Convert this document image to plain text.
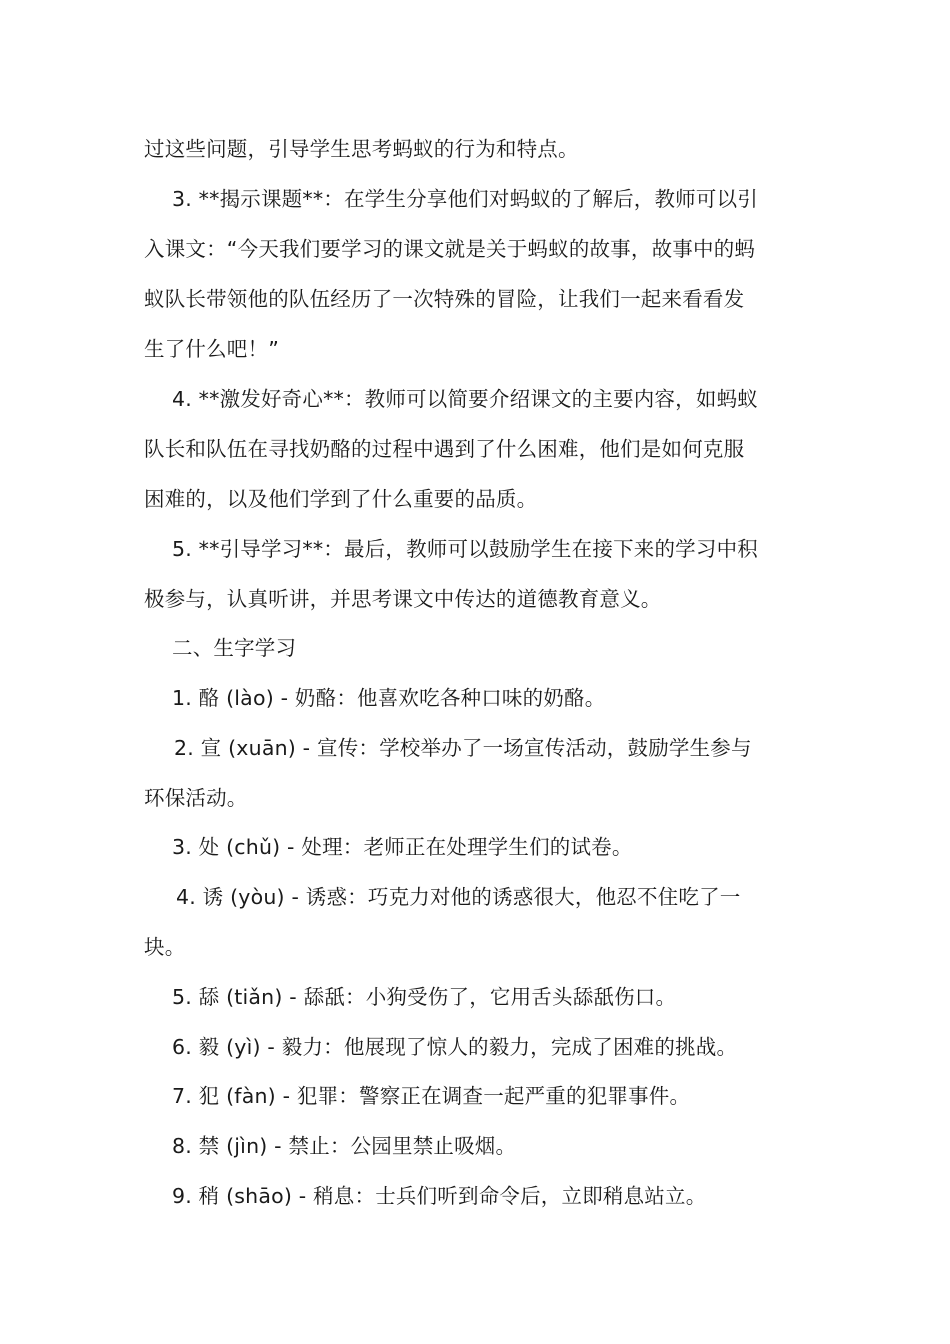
过这些问题，引导学生思考蚂蚁的行为和特点。
3. **揭示课题**：在学生分享他们对蚂蚁的了解后，教师可以引
入课文：“今天我们要学习的课文就是关于蚂蚁的故事，故事中的蚂
蚁队长带领他的队伍经历了一次特殊的冒险，让我们一起来看看发
生了什么吧！”
4. **激发好奇心**：教师可以简要介绍课文的主要内容，如蚂蚁
队长和队伍在寻找奶酪的过程中遇到了什么困难，他们是如何克服
困难的，以及他们学到了什么重要的品质。
5. **引导学习**：最后，教师可以鼓励学生在接下来的学习中积
极参与，认真听讲，并思考课文中传达的道德教育意义。
二、生字学习
1. 酪 (lào) - 奶酪：他喜欢吃各种口味的奶酪。
2. 宣 (xuān) - 宣传：学校举办了一场宣传活动，鼓励学生参与
环保活动。
3. 处 (chǔ) - 处理：老师正在处理学生们的试卷。
4. 诱 (yòu) - 诱惑：巧克力对他的诱惑很大，他忍不住吃了一
块。
5. 舔 (tiǎn) - 舔舐：小狗受伤了，它用舌头舔舐伤口。
6. 毅 (yì) - 毅力：他展现了惊人的毅力，完成了困难的挑战。
7. 犯 (fàn) - 犯罪：警察正在调查一起严重的犯罪事件。
8. 禁 (jìn) - 禁止：公园里禁止吸烟。
9. 稍 (shāo) - 稍息：士兵们听到命令后，立即稍息站立。
